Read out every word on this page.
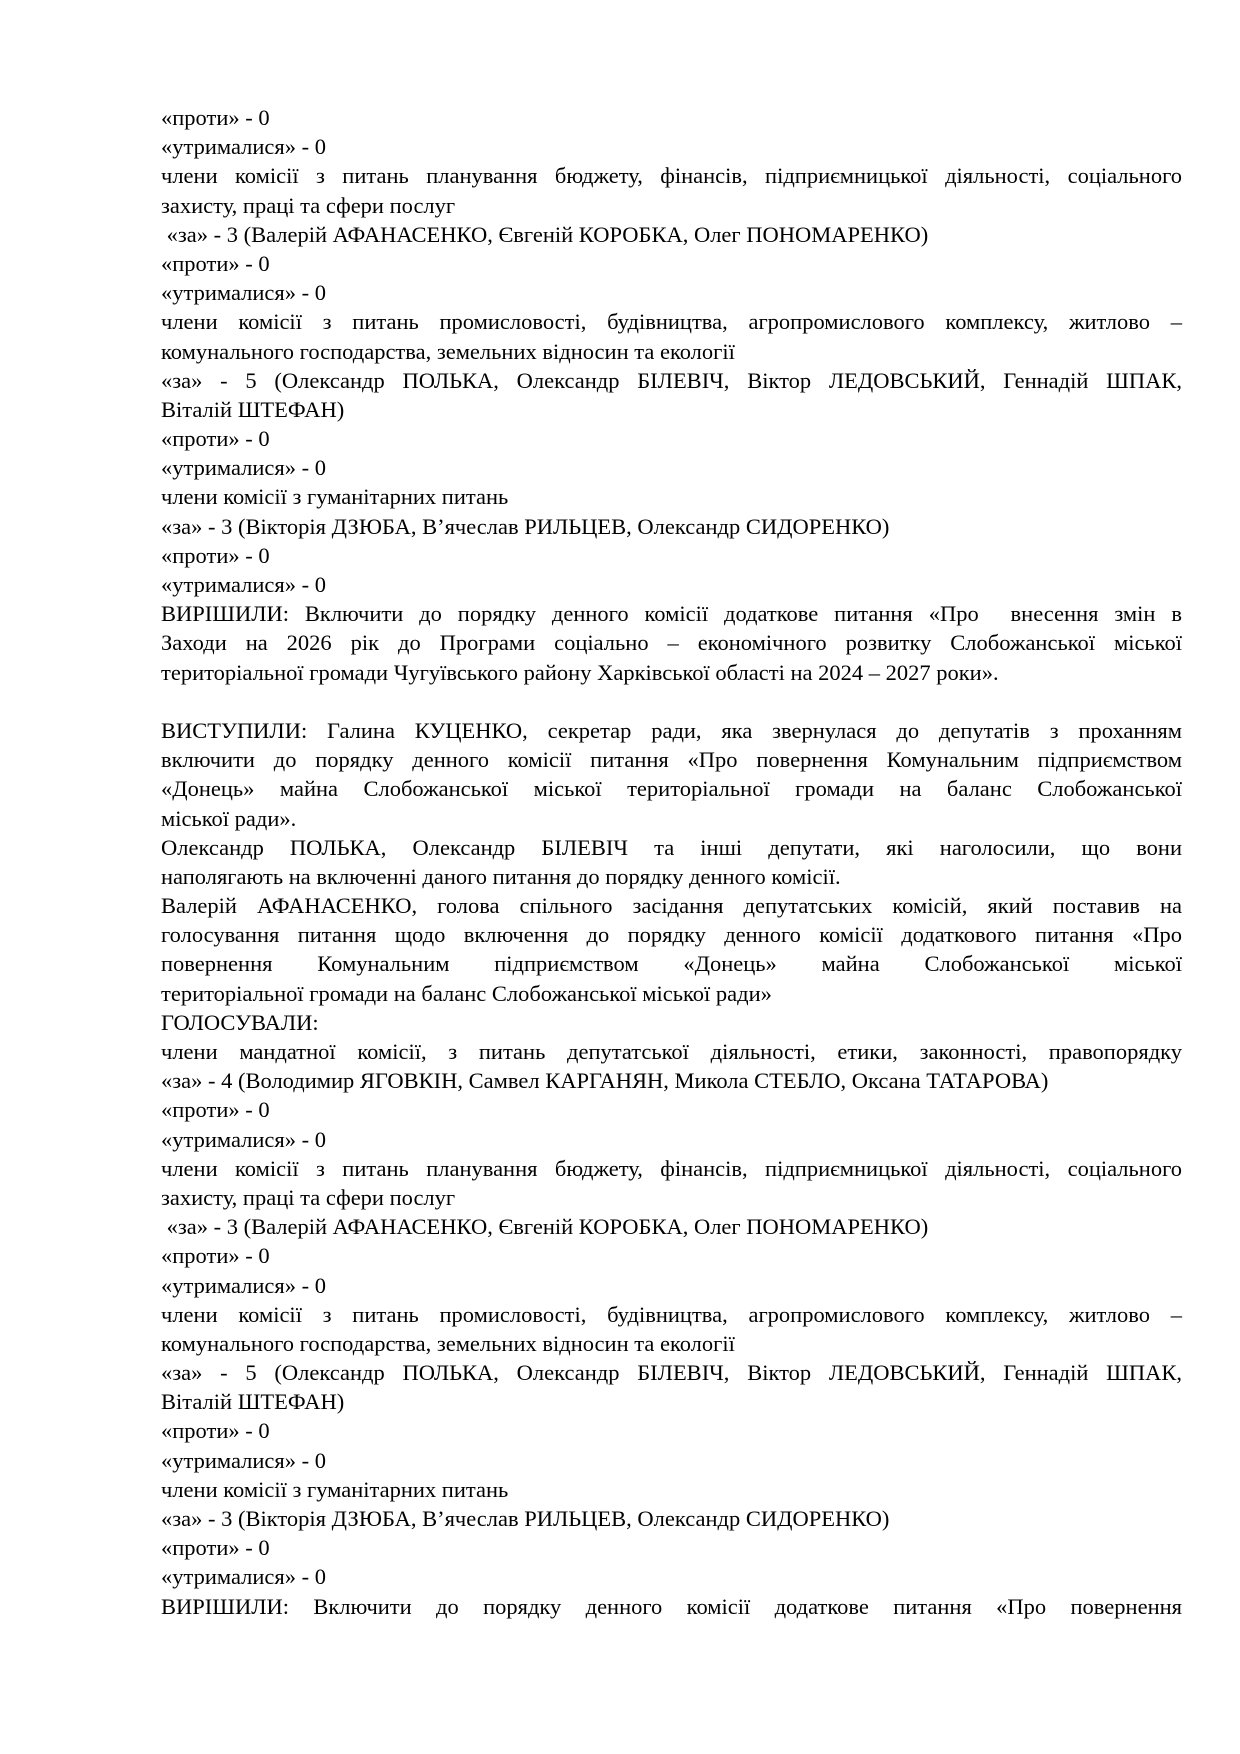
«проти» - 0
«утрималися» - 0
члени комісії з питань планування бюджету, фінансів, підприємницької діяльності, соціального
захисту, праці та сфери послуг
«за» - 3 (Валерій АФАНАСЕНКО, Євгеній КОРОБКА, Олег ПОНОМАРЕНКО)
«проти» - 0
«утрималися» - 0
члени комісії з питань промисловості, будівництва, агропромислового комплексу, житлово –
комунального господарства, земельних відносин та екології
«за» - 5 (Олександр ПОЛЬКА, Олександр БІЛЕВІЧ, Віктор ЛЕДОВСЬКИЙ, Геннадій ШПАК,
Віталій ШТЕФАН)
«проти» - 0
«утрималися» - 0
члени комісії з гуманітарних питань
«за» - 3 (Вікторія ДЗЮБА, В’ячеслав РИЛЬЦЕВ, Олександр СИДОРЕНКО)
«проти» - 0
«утрималися» - 0
ВИРІШИЛИ: Включити до порядку денного комісії додаткове питання «Про  внесення змін в
Заходи на 2026 рік до Програми соціально – економічного розвитку Слобожанської міської
територіальної громади Чугуївського району Харківської області на 2024 – 2027 роки».

ВИСТУПИЛИ: Галина КУЦЕНКО, секретар ради, яка звернулася до депутатів з проханням
включити до порядку денного комісії питання «Про повернення Комунальним підприємством
«Донець» майна Слобожанської міської територіальної громади на баланс Слобожанської
міської ради».
Олександр ПОЛЬКА, Олександр БІЛЕВІЧ та інші депутати, які наголосили, що вони
наполягають на включенні даного питання до порядку денного комісії.
Валерій АФАНАСЕНКО, голова спільного засідання депутатських комісій, який поставив на
голосування питання щодо включення до порядку денного комісії додаткового питання «Про
повернення Комунальним підприємством «Донець» майна Слобожанської міської
територіальної громади на баланс Слобожанської міської ради»
ГОЛОСУВАЛИ:
члени мандатної комісії, з питань депутатської діяльності, етики, законності, правопорядку
«за» - 4 (Володимир ЯГОВКІН, Самвел КАРГАНЯН, Микола СТЕБЛО, Оксана ТАТАРОВА)
«проти» - 0
«утрималися» - 0
члени комісії з питань планування бюджету, фінансів, підприємницької діяльності, соціального
захисту, праці та сфери послуг
«за» - 3 (Валерій АФАНАСЕНКО, Євгеній КОРОБКА, Олег ПОНОМАРЕНКО)
«проти» - 0
«утрималися» - 0
члени комісії з питань промисловості, будівництва, агропромислового комплексу, житлово –
комунального господарства, земельних відносин та екології
«за» - 5 (Олександр ПОЛЬКА, Олександр БІЛЕВІЧ, Віктор ЛЕДОВСЬКИЙ, Геннадій ШПАК,
Віталій ШТЕФАН)
«проти» - 0
«утрималися» - 0
члени комісії з гуманітарних питань
«за» - 3 (Вікторія ДЗЮБА, В’ячеслав РИЛЬЦЕВ, Олександр СИДОРЕНКО)
«проти» - 0
«утрималися» - 0
ВИРІШИЛИ: Включити до порядку денного комісії додаткове питання «Про повернення
